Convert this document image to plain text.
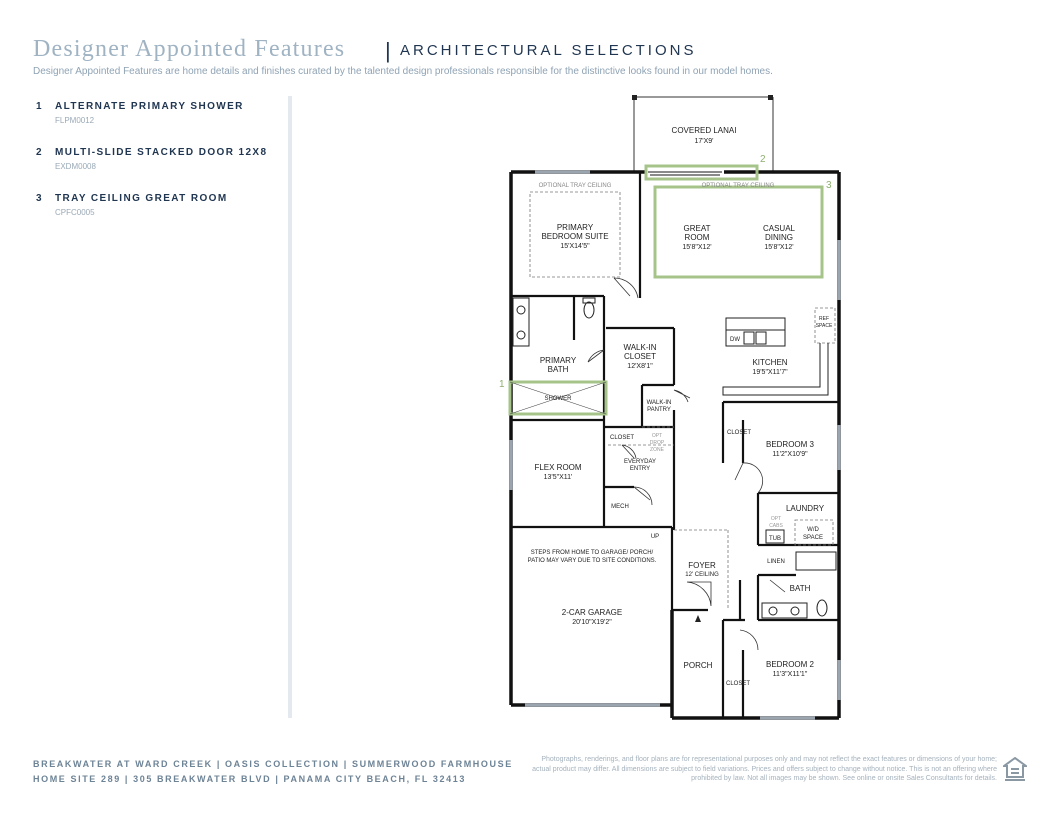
Designer Appointed Features | ARCHITECTURAL SELECTIONS
Designer Appointed Features are home details and finishes curated by the talented design professionals responsible for the distinctive looks found in our model homes.
1 ALTERNATE PRIMARY SHOWER
FLPM0012
2 MULTI-SLIDE STACKED DOOR 12X8
EXDM0008
3 TRAY CEILING GREAT ROOM
CPFC0005
1
2
3
COVERED LANAI
17'X9'
OPTIONAL TRAY CEILING	OPTIONAL TRAY CEILING
PRIMARY
BEDROOM SUITE
15'X14'5"
GREAT
ROOM
15'8"X12'
CASUAL
DINING
15'8"X12'
PRIMARY
BATH
SHOWER
WALK-IN
CLOSET
12'X8'1"
WALK-IN
PANTRY
KITCHEN
19'5"X11'7"
DW
REF
SPACE
CLOSET	OPT
DROP
ZONE
EVERYDAY
ENTRY
FLEX ROOM
13'5"X11'
MECH
UP
BEDROOM 3
11'2"X10'9"
CLOSET
LAUNDRY
OPT
CABS
TUB
W/D
SPACE
STEPS FROM HOME TO GARAGE/ PORCH/
PATIO MAY VARY DUE TO SITE CONDITIONS.
2-CAR GARAGE
20'10"X19'2"
FOYER
12' CEILING
LINEN
BATH
PORCH	BEDROOM 2
11'3"X11'1"
CLOSET
BREAKWATER AT WARD CREEK | OASIS COLLECTION | SUMMERWOOD FARMHOUSE
HOME SITE 289 | 305 BREAKWATER BLVD | PANAMA CITY BEACH, FL 32413
Photographs, renderings, and floor plans are for representational purposes only and may not reflect the exact features or dimensions of your home; actual product may differ. All dimensions are subject to field variations. Prices and offers subject to change without notice. This is not an offering where prohibited by law. Not all images may be shown. See online or onsite Sales Consultants for details.
